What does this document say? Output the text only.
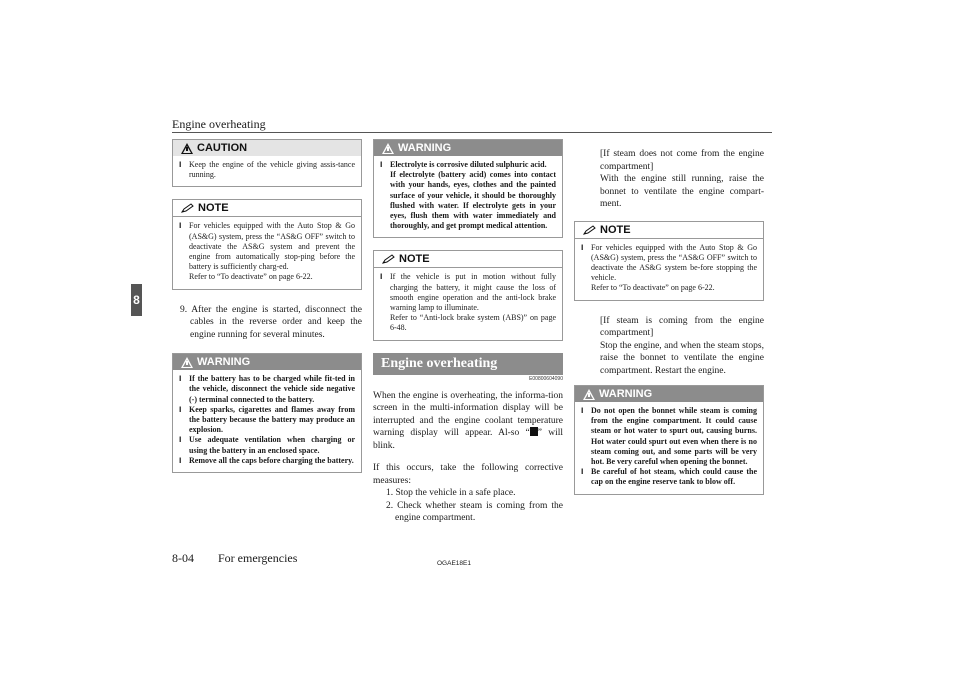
Engine overheating
8
CAUTION
l Keep the engine of the vehicle giving assis-tance running.
NOTE
l For vehicles equipped with the Auto Stop & Go (AS&G) system, press the “AS&G OFF” switch to deactivate the AS&G system and prevent the engine from automatically stop-ping before the battery is sufficiently charg-ed.
Refer to “To deactivate” on page 6-22.
9. After the engine is started, disconnect the cables in the reverse order and keep the engine running for several minutes.
WARNING
l If the battery has to be charged while fit-ted in the vehicle, disconnect the vehicle side negative (-) terminal connected to the battery.
l Keep sparks, cigarettes and flames away from the battery because the battery may produce an explosion.
l Use adequate ventilation when charging or using the battery in an enclosed space.
l Remove all the caps before charging the battery.
WARNING
l Electrolyte is corrosive diluted sulphuric acid.
If electrolyte (battery acid) comes into contact with your hands, eyes, clothes and the painted surface of your vehicle, it should be thoroughly flushed with water. If electrolyte gets in your eyes, flush them with water immediately and thoroughly, and get prompt medical attention.
NOTE
l If the vehicle is put in motion without fully charging the battery, it might cause the loss of smooth engine operation and the anti-lock brake warning lamp to illuminate.
Refer to “Anti-lock brake system (ABS)” on page 6-48.
Engine overheating
E00800604090
When the engine is overheating, the informa-tion screen in the multi-information display will be interrupted and the engine coolant temperature warning display will appear. Al-so “ ” will blink.
If this occurs, take the following corrective measures:
1. Stop the vehicle in a safe place.
2. Check whether steam is coming from the engine compartment.
[If steam does not come from the engine compartment]
With the engine still running, raise the bonnet to ventilate the engine compart-ment.
NOTE
l For vehicles equipped with the Auto Stop & Go (AS&G) system, press the “AS&G OFF” switch to deactivate the AS&G system be-fore stopping the vehicle.
Refer to “To deactivate” on page 6-22.
[If steam is coming from the engine compartment]
Stop the engine, and when the steam stops, raise the bonnet to ventilate the engine compartment. Restart the engine.
WARNING
l Do not open the bonnet while steam is coming from the engine compartment. It could cause steam or hot water to spurt out, causing burns. Hot water could spurt out even when there is no steam coming out, and some parts will be very hot. Be very careful when opening the bonnet.
l Be careful of hot steam, which could cause the cap on the engine reserve tank to blow off.
8-04 For emergencies	OGAE18E1
